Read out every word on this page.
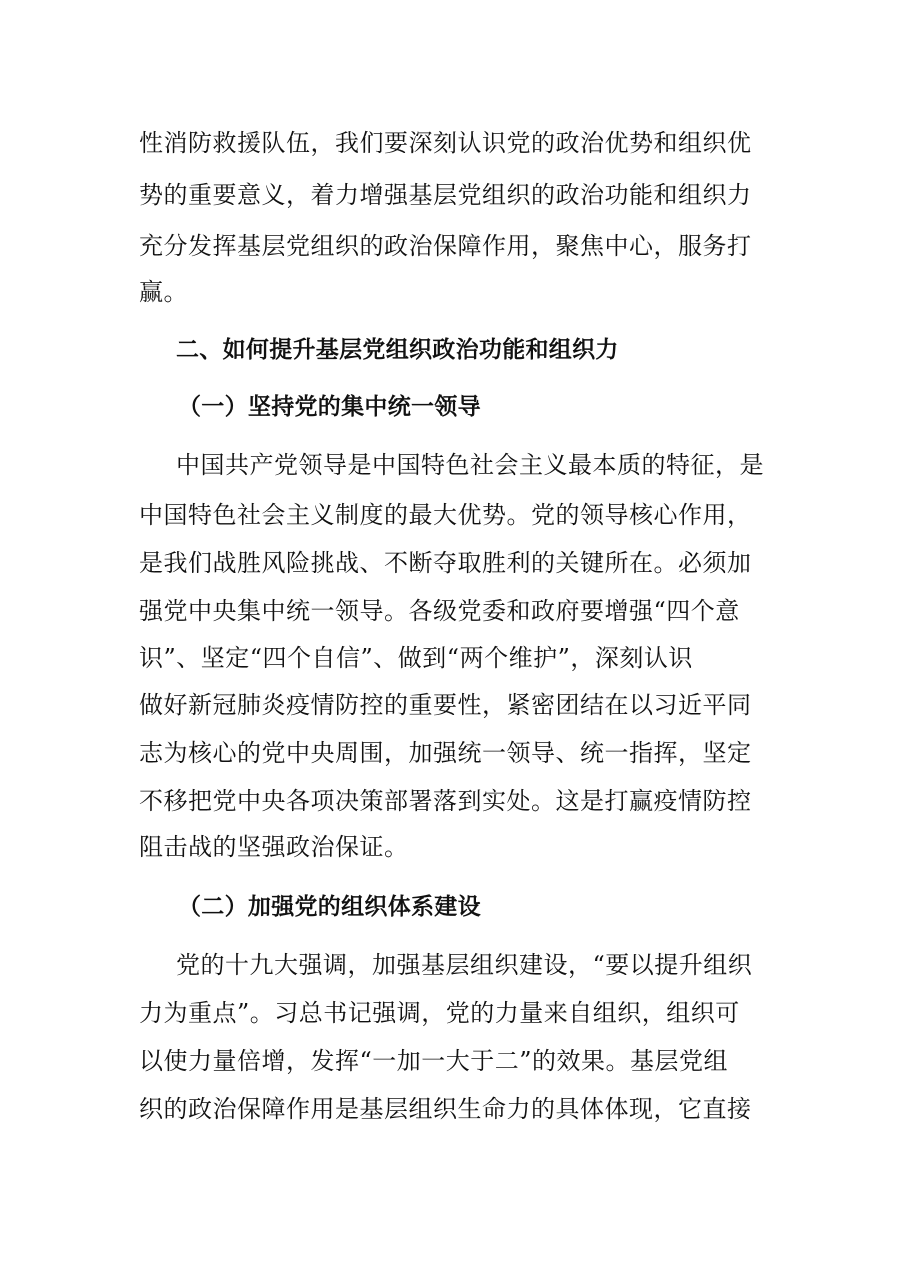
性消防救援队伍，我们要深刻认识党的政治优势和组织优
势的重要意义，着力增强基层党组织的政治功能和组织力
充分发挥基层党组织的政治保障作用，聚焦中心，服务打
赢。
二、如何提升基层党组织政治功能和组织力
（一）坚持党的集中统一领导
中国共产党领导是中国特色社会主义最本质的特征，是
中国特色社会主义制度的最大优势。党的领导核心作用，
是我们战胜风险挑战、不断夺取胜利的关键所在。必须加
强党中央集中统一领导。各级党委和政府要增强“四个意
识”、坚定“四个自信”、做到“两个维护”，深刻认识
做好新冠肺炎疫情防控的重要性，紧密团结在以习近平同
志为核心的党中央周围，加强统一领导、统一指挥，坚定
不移把党中央各项决策部署落到实处。这是打赢疫情防控
阻击战的坚强政治保证。
（二）加强党的组织体系建设
党的十九大强调，加强基层组织建设，“要以提升组织
力为重点”。习总书记强调，党的力量来自组织，组织可
以使力量倍增，发挥“一加一大于二”的效果。基层党组
织的政治保障作用是基层组织生命力的具体体现，它直接
